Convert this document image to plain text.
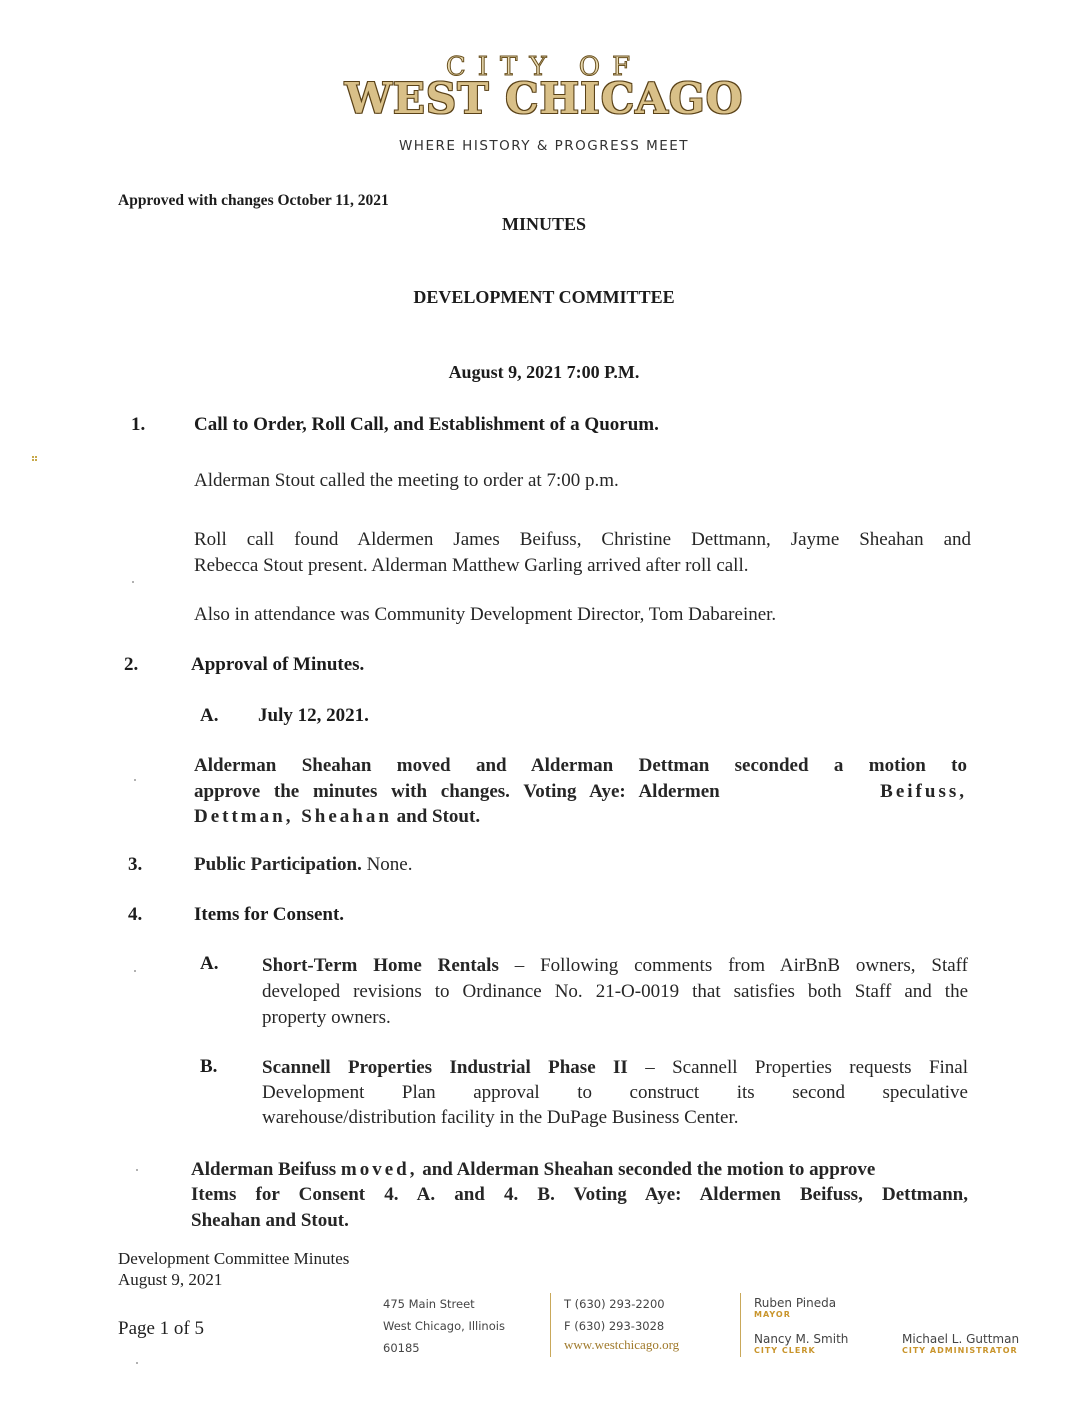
CITY OF
WEST CHICAGO
WHERE HISTORY & PROGRESS MEET
Approved with changes October 11, 2021
MINUTES
DEVELOPMENT COMMITTEE
August 9, 2021 7:00 P.M.
1.	Call to Order, Roll Call, and Establishment of a Quorum.
Alderman Stout called the meeting to order at 7:00 p.m.
Roll call found Aldermen James Beifuss, Christine Dettmann, Jayme Sheahan and
Rebecca Stout present. Alderman Matthew Garling arrived after roll call.
Also in attendance was Community Development Director, Tom Dabareiner.
2.	Approval of Minutes.
A. July 12, 2021.
Alderman Sheahan moved and Alderman Dettman seconded a motion to
approve the minutes with changes. Voting Aye: Aldermen	Beifuss,
Dettman, Sheahan and Stout.
3.	Public Participation. None.
4.	Items for Consent.
A. Short-Term Home Rentals – Following comments from AirBnB owners, Staff
developed revisions to Ordinance No. 21-O-0019 that satisfies both Staff and the
property owners.
B. Scannell Properties Industrial Phase II – Scannell Properties requests Final
Development Plan approval to construct its second speculative
warehouse/distribution facility in the DuPage Business Center.
Alderman Beifuss moved, and Alderman Sheahan seconded the motion to approve
Items for Consent 4. A. and 4. B. Voting Aye: Aldermen Beifuss, Dettmann,
Sheahan and Stout.
Development Committee Minutes
August 9, 2021
Page 1 of 5
475 Main Street
West Chicago, Illinois
60185
T (630) 293-2200
F (630) 293-3028
www.westchicago.org
Ruben Pineda
MAYOR
Nancy M. Smith
CITY CLERK
Michael L. Guttman
CITY ADMINISTRATOR
